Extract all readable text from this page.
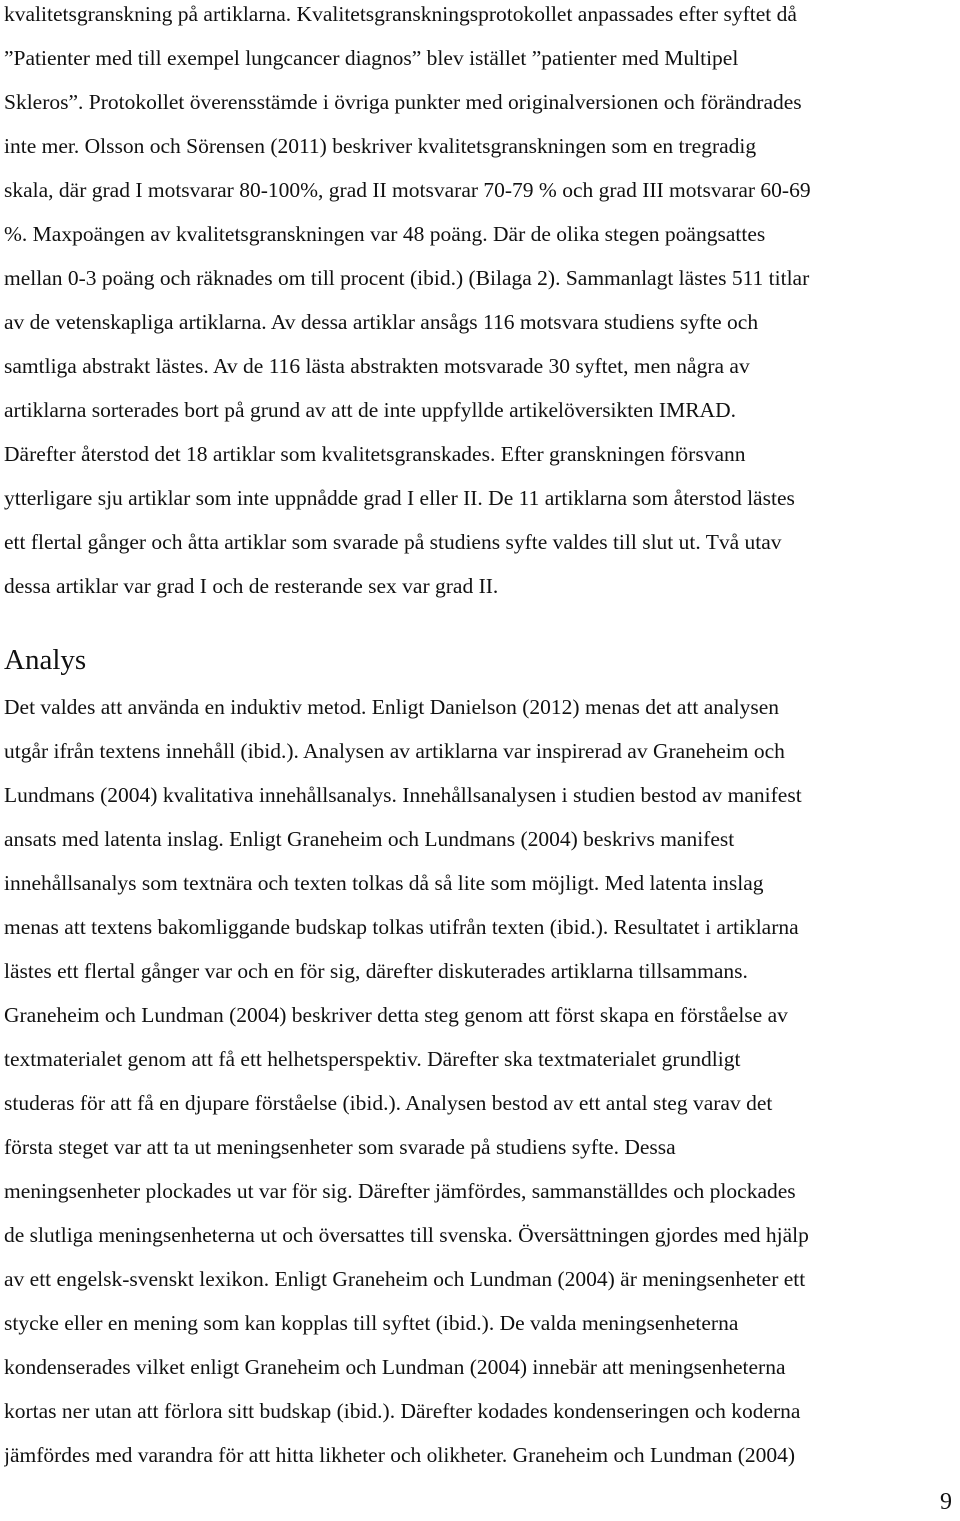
kvalitetsgranskning på artiklarna. Kvalitetsgranskningsprotokollet anpassades efter syftet då
”Patienter med till exempel lungcancer diagnos” blev istället ”patienter med Multipel
Skleros”. Protokollet överensstämde i övriga punkter med originalversionen och förändrades
inte mer. Olsson och Sörensen (2011) beskriver kvalitetsgranskningen som en tregradig
skala, där grad I motsvarar 80-100%, grad II motsvarar 70-79 % och grad III motsvarar 60-69
%. Maxpoängen av kvalitetsgranskningen var 48 poäng. Där de olika stegen poängsattes
mellan 0-3 poäng och räknades om till procent (ibid.) (Bilaga 2). Sammanlagt lästes 511 titlar
av de vetenskapliga artiklarna. Av dessa artiklar ansågs 116 motsvara studiens syfte och
samtliga abstrakt lästes. Av de 116 lästa abstrakten motsvarade 30 syftet, men några av
artiklarna sorterades bort på grund av att de inte uppfyllde artikelöversikten IMRAD.
Därefter återstod det 18 artiklar som kvalitetsgranskades. Efter granskningen försvann
ytterligare sju artiklar som inte uppnådde grad I eller II. De 11 artiklarna som återstod lästes
ett flertal gånger och åtta artiklar som svarade på studiens syfte valdes till slut ut. Två utav
dessa artiklar var grad I och de resterande sex var grad II.
Analys
Det valdes att använda en induktiv metod. Enligt Danielson (2012) menas det att analysen
utgår ifrån textens innehåll (ibid.). Analysen av artiklarna var inspirerad av Graneheim och
Lundmans (2004) kvalitativa innehållsanalys. Innehållsanalysen i studien bestod av manifest
ansats med latenta inslag. Enligt Graneheim och Lundmans (2004) beskrivs manifest
innehållsanalys som textnära och texten tolkas då så lite som möjligt. Med latenta inslag
menas att textens bakomliggande budskap tolkas utifrån texten (ibid.). Resultatet i artiklarna
lästes ett flertal gånger var och en för sig, därefter diskuterades artiklarna tillsammans.
Graneheim och Lundman (2004) beskriver detta steg genom att först skapa en förståelse av
textmaterialet genom att få ett helhetsperspektiv. Därefter ska textmaterialet grundligt
studeras för att få en djupare förståelse (ibid.). Analysen bestod av ett antal steg varav det
första steget var att ta ut meningsenheter som svarade på studiens syfte. Dessa
meningsenheter plockades ut var för sig. Därefter jämfördes, sammanställdes och plockades
de slutliga meningsenheterna ut och översattes till svenska. Översättningen gjordes med hjälp
av ett engelsk-svenskt lexikon. Enligt Graneheim och Lundman (2004) är meningsenheter ett
stycke eller en mening som kan kopplas till syftet (ibid.). De valda meningsenheterna
kondenserades vilket enligt Graneheim och Lundman (2004) innebär att meningsenheterna
kortas ner utan att förlora sitt budskap (ibid.). Därefter kodades kondenseringen och koderna
jämfördes med varandra för att hitta likheter och olikheter. Graneheim och Lundman (2004)
9
